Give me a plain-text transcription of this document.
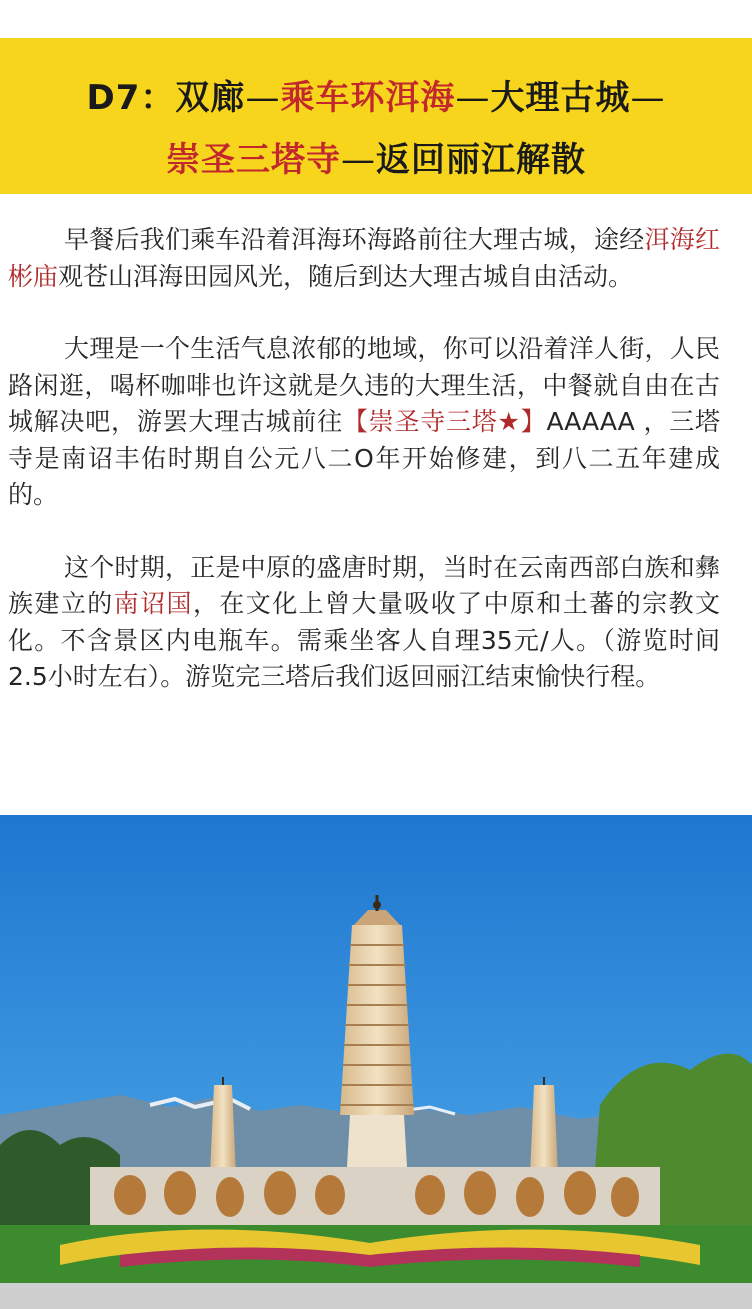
D7：双廊—乘车环洱海—大理古城—
崇圣三塔寺—返回丽江解散

早餐后我们乘车沿着洱海环海路前往大理古城，途经洱海红彬庙观苍山洱海田园风光，随后到达大理古城自由活动。

大理是一个生活气息浓郁的地域，你可以沿着洋人街，人民路闲逛，喝杯咖啡也许这就是久违的大理生活，中餐就自由在古城解决吧，游罢大理古城前往【崇圣寺三塔★】AAAAA ，三塔寺是南诏丰佑时期自公元八二O年开始修建，到八二五年建成的。

这个时期，正是中原的盛唐时期，当时在云南西部白族和彝族建立的南诏国，在文化上曾大量吸收了中原和土蕃的宗教文化。不含景区内电瓶车。需乘坐客人自理35元/人。（游览时间2.5小时左右）。游览完三塔后我们返回丽江结束愉快行程。
